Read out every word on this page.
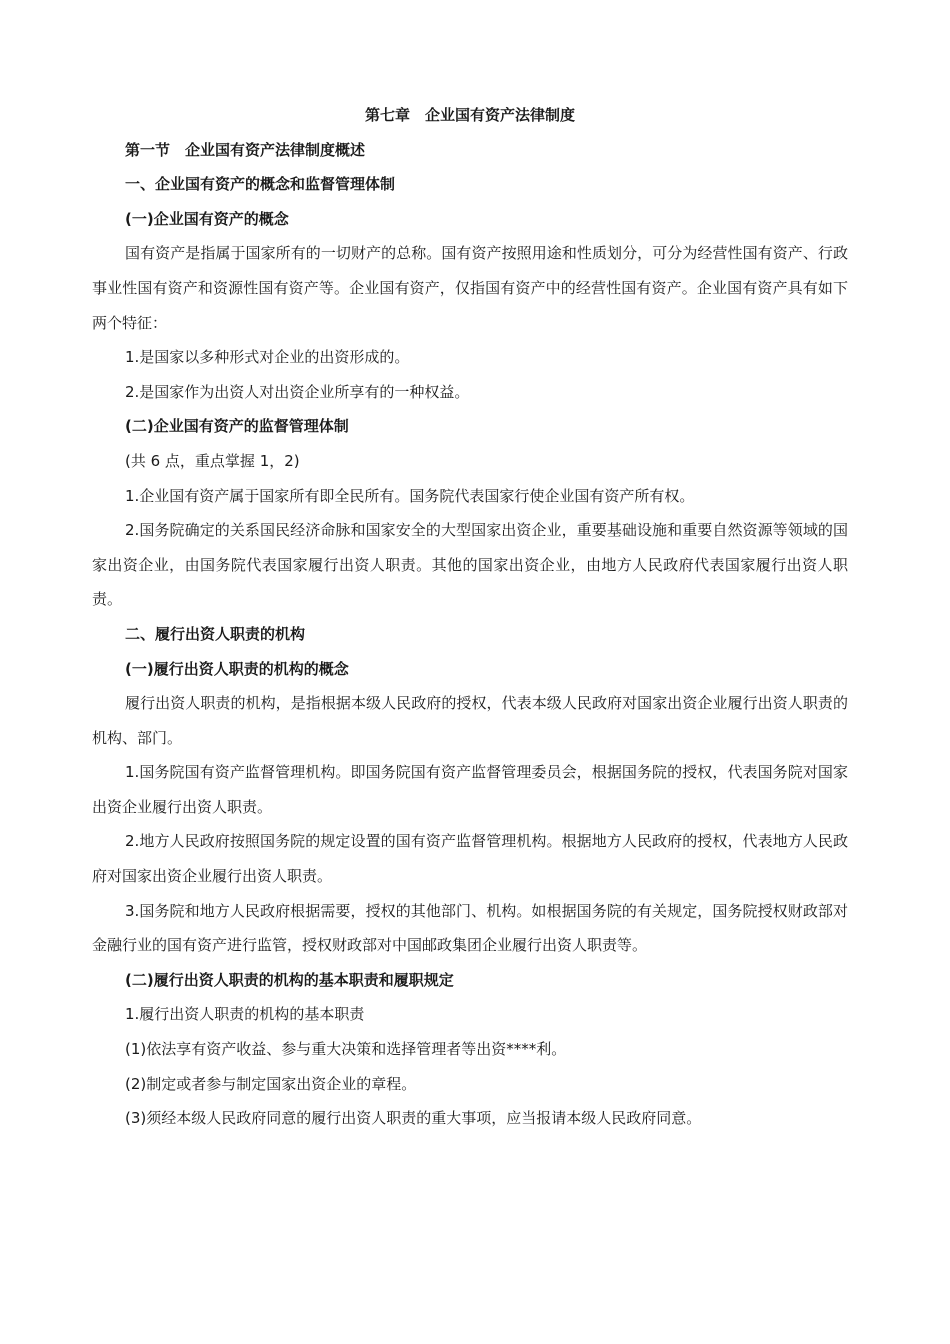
第七章　企业国有资产法律制度
第一节　企业国有资产法律制度概述
一、企业国有资产的概念和监督管理体制
(一)企业国有资产的概念
国有资产是指属于国家所有的一切财产的总称。国有资产按照用途和性质划分，可分为经营性国有资产、行政事业性国有资产和资源性国有资产等。企业国有资产，仅指国有资产中的经营性国有资产。企业国有资产具有如下两个特征：
1.是国家以多种形式对企业的出资形成的。
2.是国家作为出资人对出资企业所享有的一种权益。
(二)企业国有资产的监督管理体制
(共 6 点，重点掌握 1，2)
1.企业国有资产属于国家所有即全民所有。国务院代表国家行使企业国有资产所有权。
2.国务院确定的关系国民经济命脉和国家安全的大型国家出资企业，重要基础设施和重要自然资源等领域的国家出资企业，由国务院代表国家履行出资人职责。其他的国家出资企业，由地方人民政府代表国家履行出资人职责。
二、履行出资人职责的机构
(一)履行出资人职责的机构的概念
履行出资人职责的机构，是指根据本级人民政府的授权，代表本级人民政府对国家出资企业履行出资人职责的机构、部门。
1.国务院国有资产监督管理机构。即国务院国有资产监督管理委员会，根据国务院的授权，代表国务院对国家出资企业履行出资人职责。
2.地方人民政府按照国务院的规定设置的国有资产监督管理机构。根据地方人民政府的授权，代表地方人民政府对国家出资企业履行出资人职责。
3.国务院和地方人民政府根据需要，授权的其他部门、机构。如根据国务院的有关规定，国务院授权财政部对金融行业的国有资产进行监管，授权财政部对中国邮政集团企业履行出资人职责等。
(二)履行出资人职责的机构的基本职责和履职规定
1.履行出资人职责的机构的基本职责
(1)依法享有资产收益、参与重大决策和选择管理者等出资****利。
(2)制定或者参与制定国家出资企业的章程。
(3)须经本级人民政府同意的履行出资人职责的重大事项，应当报请本级人民政府同意。
